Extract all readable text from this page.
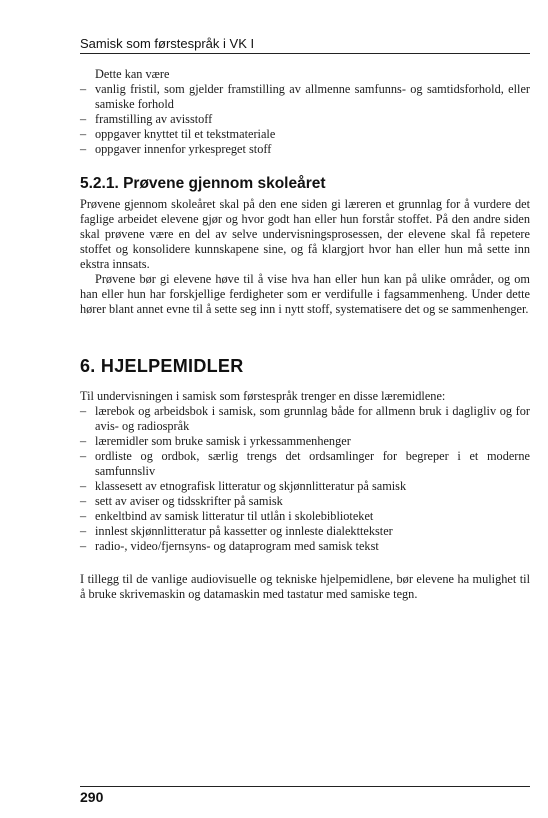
Samisk som førstespråk i VK I

Dette kan være

– vanlig fristil, som gjelder framstilling av allmenne samfunns- og samtidsforhold, eller samiske forhold
– framstilling av avisstoff
– oppgaver knyttet til et tekstmateriale
– oppgaver innenfor yrkespreget stoff
5.2.1. Prøvene gjennom skoleåret

Prøvene gjennom skoleåret skal på den ene siden gi læreren et grunnlag for å vurdere det faglige arbeidet elevene gjør og hvor godt han eller hun forstår stoffet. På den andre siden skal prøvene være en del av selve undervisningsprosessen, der elevene skal få repetere stoffet og konsolidere kunnskapene sine, og få klargjort hvor han eller hun må sette inn ekstra innsats.

Prøvene bør gi elevene høve til å vise hva han eller hun kan på ulike områder, og om han eller hun har forskjellige ferdigheter som er verdifulle i fagsammenheng. Under dette hører blant annet evne til å sette seg inn i nytt stoff, systematisere det og se sammenhenger.

6. HJELPEMIDLER

Til undervisningen i samisk som førstespråk trenger en disse læremidlene:

– lærebok og arbeidsbok i samisk, som grunnlag både for allmenn bruk i dagligliv og for avis- og radiospråk
– læremidler som bruke samisk i yrkessammenhenger
– ordliste og ordbok, særlig trengs det ordsamlinger for begreper i et moderne samfunnsliv
– klassesett av etnografisk litteratur og skjønnlitteratur på samisk
– sett av aviser og tidsskrifter på samisk
– enkeltbind av samisk litteratur til utlån i skolebiblioteket
– innlest skjønnlitteratur på kassetter og innleste dialekttekster
– radio-, video/fjernsyns- og dataprogram med samisk tekst

I tillegg til de vanlige audiovisuelle og tekniske hjelpemidlene, bør elevene ha mulighet til å bruke skrivemaskin og datamaskin med tastatur med samiske tegn.

290
